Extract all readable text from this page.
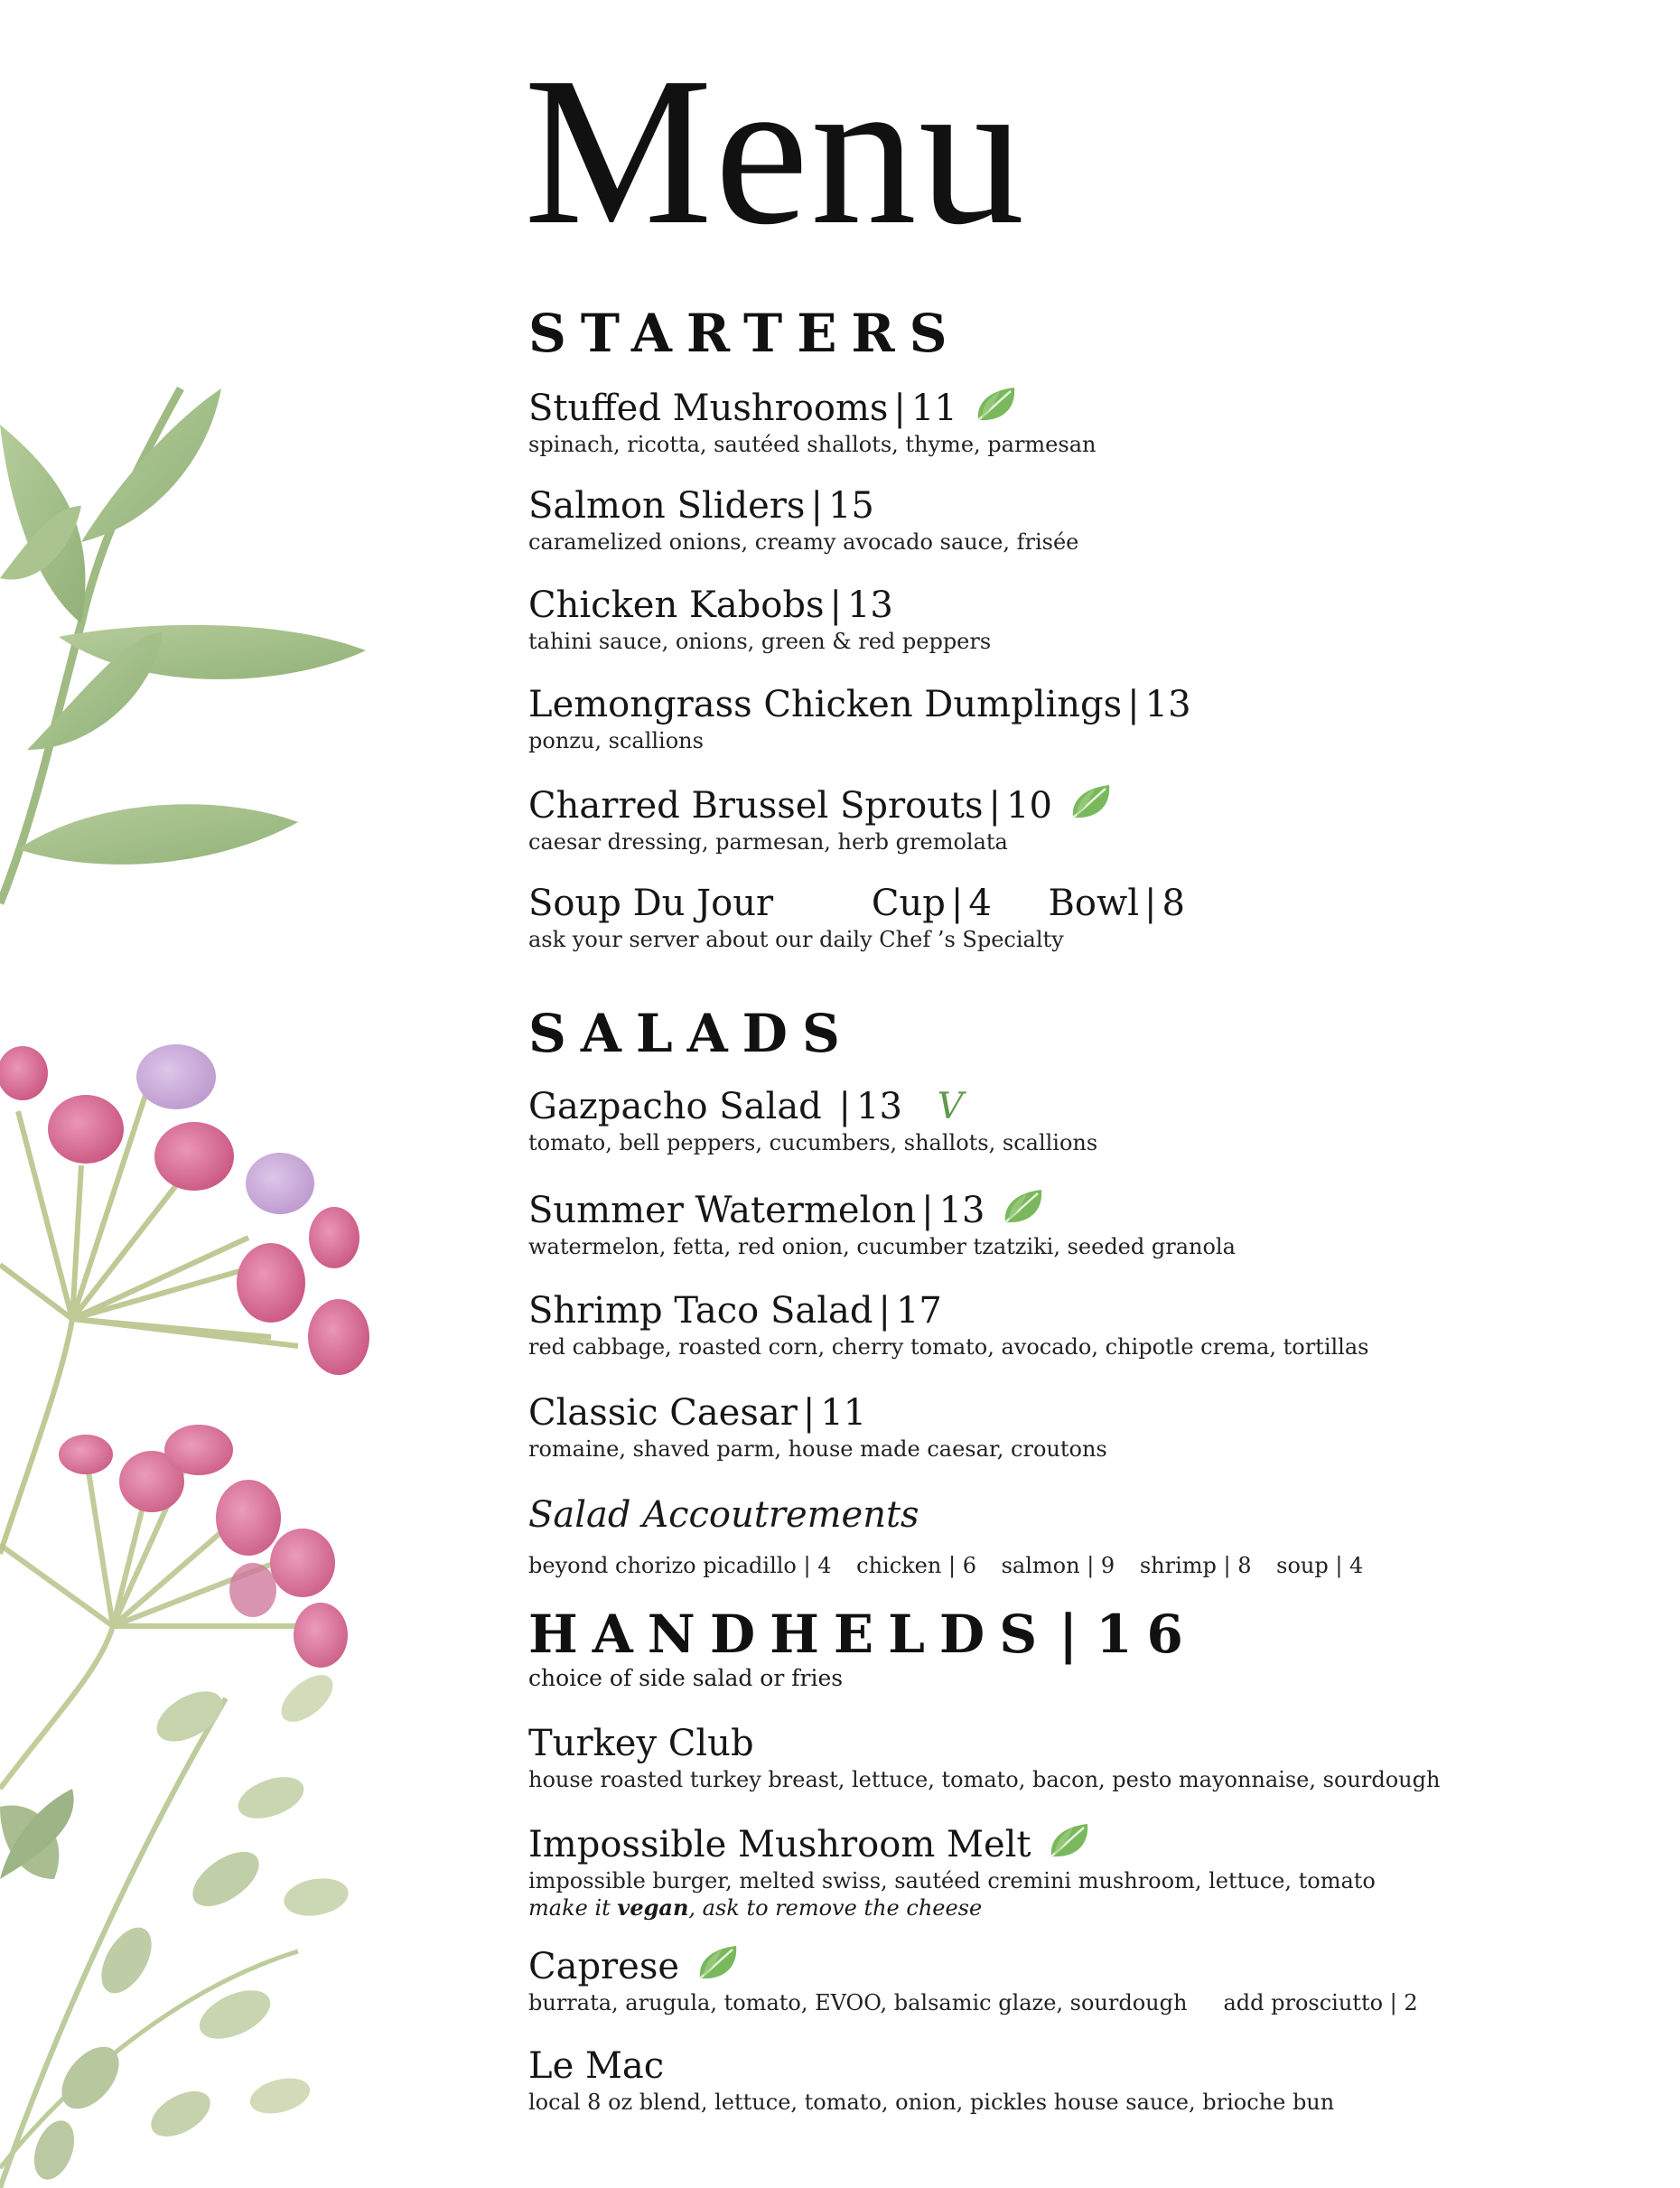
Menu
STARTERS
Stuffed Mushrooms | 11
spinach, ricotta, sautéed shallots, thyme, parmesan
Salmon Sliders | 15
caramelized onions, creamy avocado sauce, frisée
Chicken Kabobs | 13
tahini sauce, onions, green & red peppers
Lemongrass Chicken Dumplings | 13
ponzu, scallions
Charred Brussel Sprouts | 10
caesar dressing, parmesan, herb gremolata
Soup Du Jour	Cup | 4 Bowl | 8
ask your server about our daily Chef ’s Specialty
SALADS
Gazpacho Salad | 13 V
tomato, bell peppers, cucumbers, shallots, scallions
Summer Watermelon | 13
watermelon, fetta, red onion, cucumber tzatziki, seeded granola
Shrimp Taco Salad | 17
red cabbage, roasted corn, cherry tomato, avocado, chipotle crema, tortillas
Classic Caesar | 11
romaine, shaved parm, house made caesar, croutons
Salad Accoutrements
beyond chorizo picadillo | 4 chicken | 6 salmon | 9 shrimp | 8 soup | 4
HANDHELDS | 16
choice of side salad or fries
Turkey Club
house roasted turkey breast, lettuce, tomato, bacon, pesto mayonnaise, sourdough
Impossible Mushroom Melt
impossible burger, melted swiss, sautéed cremini mushroom, lettuce, tomato
make it vegan, ask to remove the cheese
Caprese
burrata, arugula, tomato, EVOO, balsamic glaze, sourdough add prosciutto | 2
Le Mac
local 8 oz blend, lettuce, tomato, onion, pickles house sauce, brioche bun
